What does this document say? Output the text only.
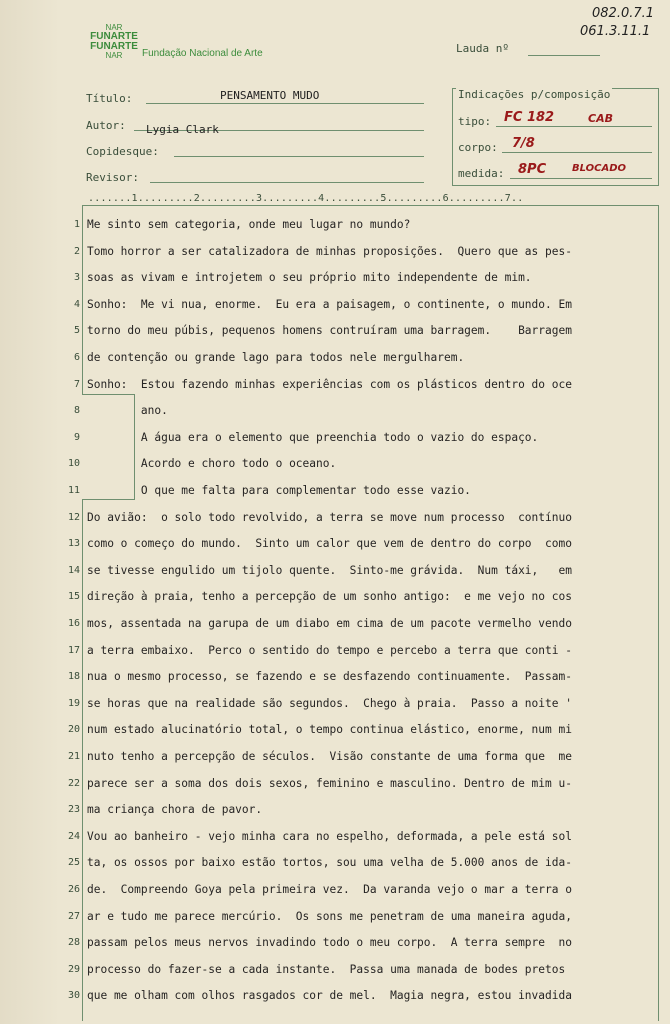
082.0.7.1
061.3.11.1
NAR
FUNARTE
FUNARTE
NAR	Fundação Nacional de Arte	Lauda nº
Título:	PENSAMENTO MUDO
Autor: Lygia Clark
Copidesque:
Revisor:
Indicações p/composição
tipo: FC 182	CAB
corpo: 7/8
medida: 8PC	BLOCADO
.......1.........2.........3.........4.........5.........6.........7..
1 Me sinto sem categoria, onde meu lugar no mundo?
2 Tomo horror a ser catalizadora de minhas proposições.  Quero que as pes-
3 soas as vivam e introjetem o seu próprio mito independente de mim.
4 Sonho:  Me vi nua, enorme.  Eu era a paisagem, o continente, o mundo. Em
5 torno do meu púbis, pequenos homens contruíram uma barragem.    Barragem
6 de contenção ou grande lago para todos nele mergulharem.
7 Sonho:  Estou fazendo minhas experiências com os plásticos dentro do oce
8 ano.
9 A água era o elemento que preenchia todo o vazio do espaço.
10 Acordo e choro todo o oceano.
11 O que me falta para complementar todo esse vazio.
12 Do avião:  o solo todo revolvido, a terra se move num processo  contínuo
13 como o começo do mundo.  Sinto um calor que vem de dentro do corpo  como
14 se tivesse engulido um tijolo quente.  Sinto-me grávida.  Num táxi,   em
15 direção à praia, tenho a percepção de um sonho antigo:  e me vejo no cos
16 mos, assentada na garupa de um diabo em cima de um pacote vermelho vendo
17 a terra embaixo.  Perco o sentido do tempo e percebo a terra que conti -
18 nua o mesmo processo, se fazendo e se desfazendo continuamente.  Passam-
19 se horas que na realidade são segundos.  Chego à praia.  Passo a noite '
20 num estado alucinatório total, o tempo continua elástico, enorme, num mi
21 nuto tenho a percepção de séculos.  Visão constante de uma forma que  me
22 parece ser a soma dos dois sexos, feminino e masculino. Dentro de mim u-
23 ma criança chora de pavor.
24 Vou ao banheiro - vejo minha cara no espelho, deformada, a pele está sol
25 ta, os ossos por baixo estão tortos, sou uma velha de 5.000 anos de ida-
26 de.  Compreendo Goya pela primeira vez.  Da varanda vejo o mar a terra o
27 ar e tudo me parece mercúrio.  Os sons me penetram de uma maneira aguda,
28 passam pelos meus nervos invadindo todo o meu corpo.  A terra sempre  no
29 processo do fazer-se a cada instante.  Passa uma manada de bodes pretos
30 que me olham com olhos rasgados cor de mel.  Magia negra, estou invadida
